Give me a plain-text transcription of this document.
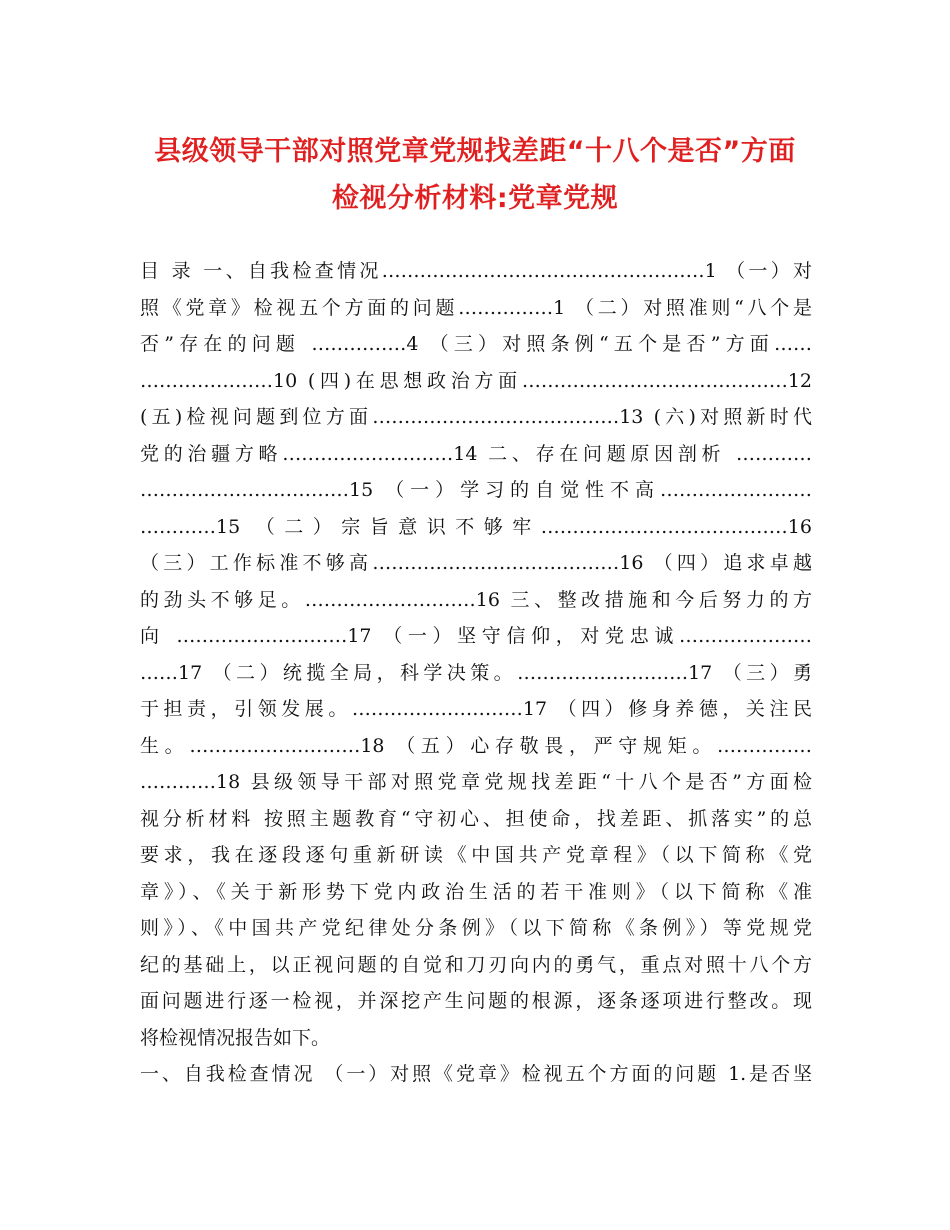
县级领导干部对照党章党规找差距“十八个是否”方面
检视分析材料:党章党规
目 录 一、自我检查情况……………………………………………1 （一）对
照《党章》检视五个方面的问题……………1 （二）对照准则“八个是
否”存在的问题 ……………4 （三）对照条例“五个是否”方面……
…………………10 (四)在思想政治方面……………………………………12
(五)检视问题到位方面…………………………………13 (六)对照新时代
党的治疆方略………………………14 二、存在问题原因剖析 …………
……………………………15 （一）学习的自觉性不高……………………
…………15 （二）宗旨意识不够牢…………………………………16
（三）工作标准不够高…………………………………16 （四）追求卓越
的劲头不够足。………………………16 三、整改措施和今后努力的方
向 ………………………17 （一）坚守信仰，对党忠诚…………………
……17 （二）统揽全局，科学决策。………………………17 （三）勇
于担责，引领发展。………………………17 （四）修身养德，关注民
生。………………………18 （五）心存敬畏，严守规矩。……………
…………18 县级领导干部对照党章党规找差距“十八个是否”方面检
视分析材料 按照主题教育“守初心、担使命，找差距、抓落实”的总
要求，我在逐段逐句重新研读《中国共产党章程》（以下简称《党
章》）、《关于新形势下党内政治生活的若干准则》（以下简称《准
则》）、《中国共产党纪律处分条例》（以下简称《条例》）等党规党
纪的基础上，以正视问题的自觉和刀刃向内的勇气，重点对照十八个方
面问题进行逐一检视，并深挖产生问题的根源，逐条逐项进行整改。现
将检视情况报告如下。
一、自我检查情况 （一）对照《党章》检视五个方面的问题 1.是否坚
